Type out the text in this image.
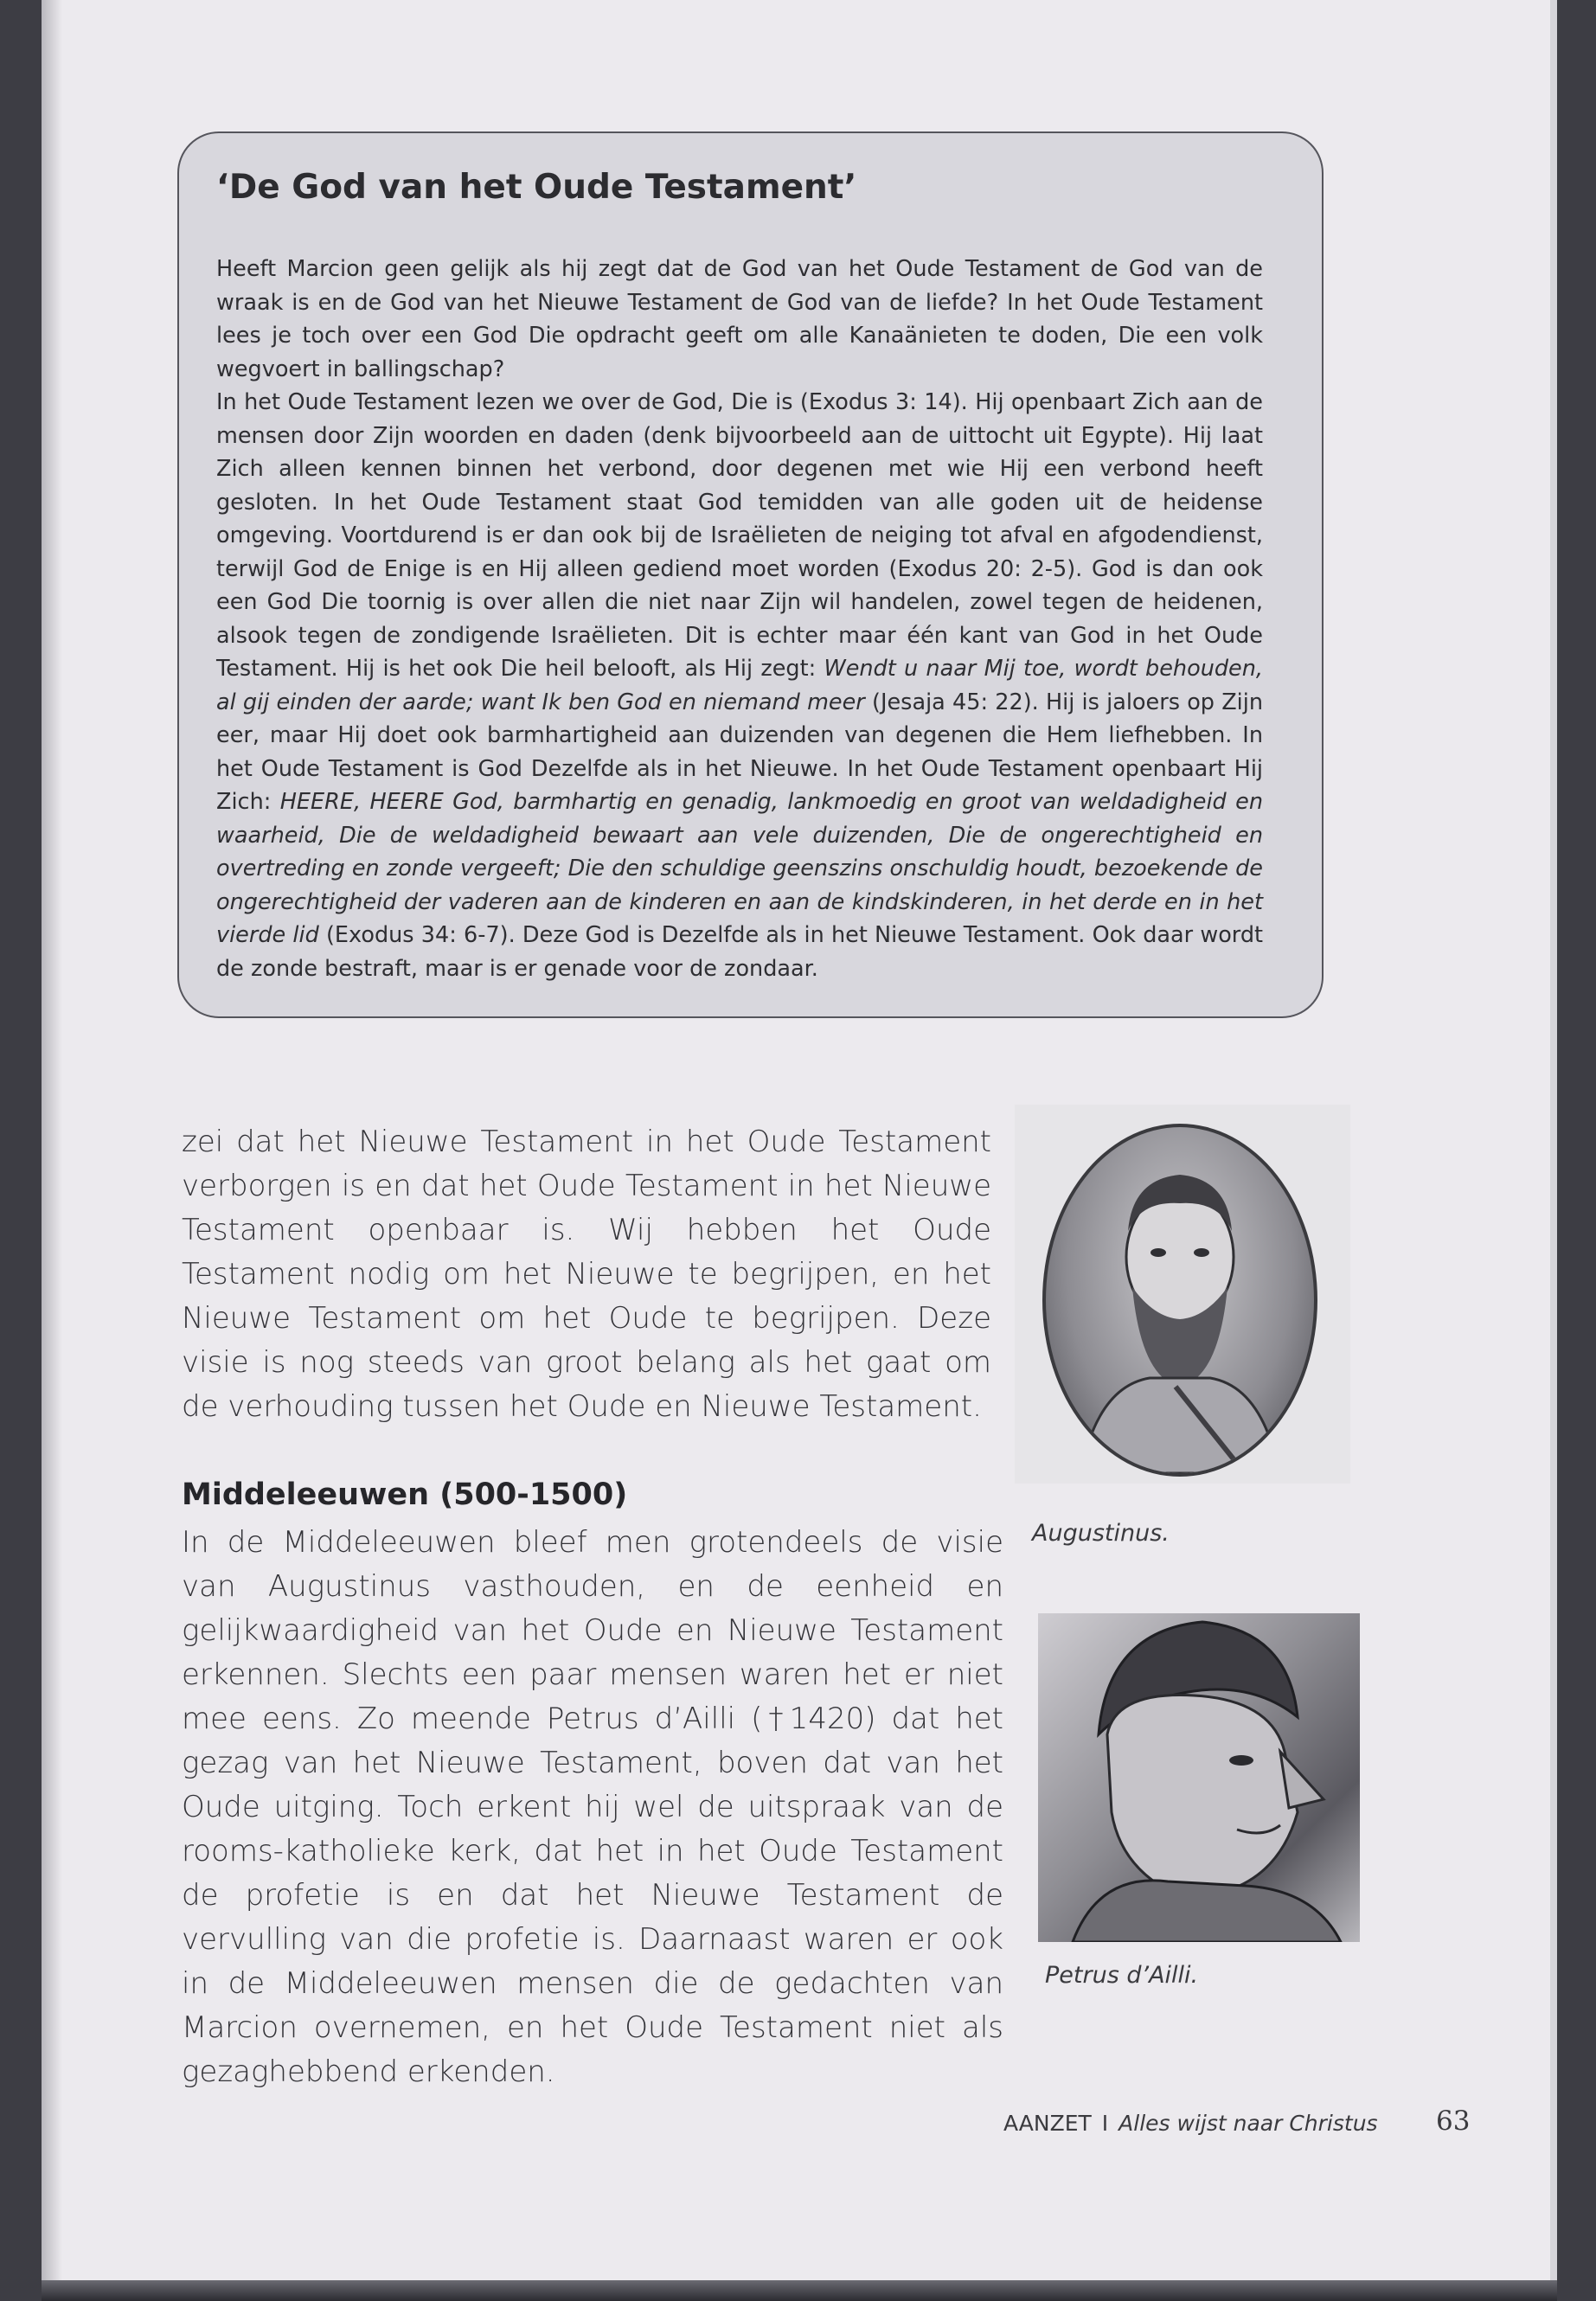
‘De God van het Oude Testament’

Heeft Marcion geen gelijk als hij zegt dat de God van het Oude Testament de God van de wraak is en de God van het Nieuwe Testament de God van de liefde? In het Oude Testament lees je toch over een God Die opdracht geeft om alle Kanaänieten te doden, Die een volk wegvoert in ballingschap?

In het Oude Testament lezen we over de God, Die is (Exodus 3: 14). Hij openbaart Zich aan de mensen door Zijn woorden en daden (denk bijvoorbeeld aan de uittocht uit Egypte). Hij laat Zich alleen kennen binnen het verbond, door degenen met wie Hij een verbond heeft gesloten. In het Oude Testament staat God temidden van alle goden uit de heidense omgeving. Voortdurend is er dan ook bij de Israëlieten de neiging tot afval en afgodendienst, terwijl God de Enige is en Hij alleen gediend moet worden (Exodus 20: 2-5). God is dan ook een God Die toornig is over allen die niet naar Zijn wil handelen, zowel tegen de heidenen, alsook tegen de zondigende Israëlieten. Dit is echter maar één kant van God in het Oude Testament. Hij is het ook Die heil belooft, als Hij zegt: Wendt u naar Mij toe, wordt behouden, al gij einden der aarde; want Ik ben God en niemand meer (Jesaja 45: 22). Hij is jaloers op Zijn eer, maar Hij doet ook barmhartigheid aan duizenden van degenen die Hem liefhebben. In het Oude Testament is God Dezelfde als in het Nieuwe. In het Oude Testament openbaart Hij Zich: HEERE, HEERE God, barmhartig en genadig, lankmoedig en groot van weldadigheid en waarheid, Die de weldadigheid bewaart aan vele duizenden, Die de ongerechtigheid en overtreding en zonde vergeeft; Die den schuldige geenszins onschuldig houdt, bezoekende de ongerechtigheid der vaderen aan de kinderen en aan de kindskinderen, in het derde en in het vierde lid (Exodus 34: 6-7). Deze God is Dezelfde als in het Nieuwe Testament. Ook daar wordt de zonde bestraft, maar is er genade voor de zondaar.

zei dat het Nieuwe Testament in het Oude Testament verborgen is en dat het Oude Testament in het Nieuwe Testament openbaar is. Wij hebben het Oude Testament nodig om het Nieuwe te begrijpen, en het Nieuwe Testament om het Oude te begrijpen. Deze visie is nog steeds van groot belang als het gaat om de verhouding tussen het Oude en Nieuwe Testament.

Middeleeuwen (500-1500)

In de Middeleeuwen bleef men grotendeels de visie van Augustinus vasthouden, en de eenheid en gelijkwaardigheid van het Oude en Nieuwe Testament erkennen. Slechts een paar mensen waren het er niet mee eens. Zo meende Petrus d’Ailli (†1420) dat het gezag van het Nieuwe Testament, boven dat van het Oude uitging. Toch erkent hij wel de uitspraak van de rooms-katholieke kerk, dat het in het Oude Testament de profetie is en dat het Nieuwe Testament de vervulling van die profetie is. Daarnaast waren er ook in de Middeleeuwen mensen die de gedachten van Marcion overnemen, en het Oude Testament niet als gezaghebbend erkenden.

Augustinus.
Petrus d’Ailli.
AANZET I Alles wijst naar Christus 63
